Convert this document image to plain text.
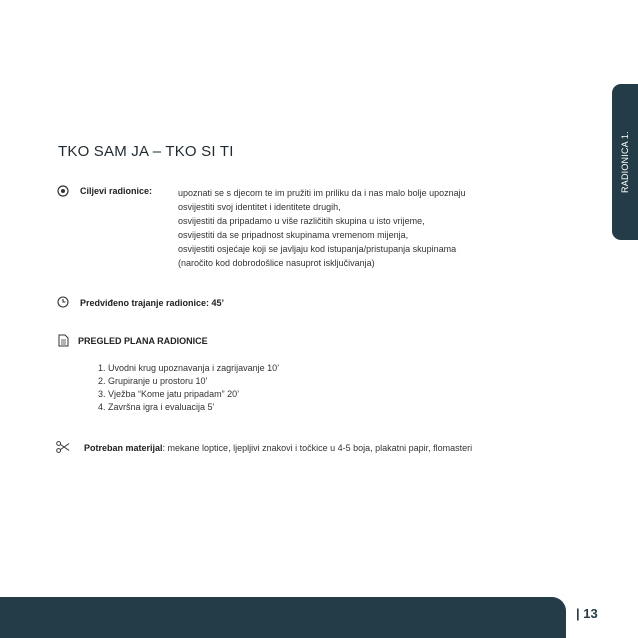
RADIONICA 1.
TKO SAM JA – TKO SI TI
Ciljevi radionice:	upoznati se s djecom te im pružiti im priliku da i nas malo bolje upoznaju
osvijestiti svoj identitet i identitete drugih,
osvijestiti da pripadamo u više različitih skupina u isto vrijeme,
osvijestiti da se pripadnost skupinama vremenom mijenja,
osvijestiti osjećaje koji se javljaju kod istupanja/pristupanja skupinama
(naročito kod dobrodošlice nasuprot isključivanja)
Predviđeno trajanje radionice: 45’
PREGLED PLANA RADIONICE
1. Uvodni krug upoznavanja i zagrijavanje 10’
2. Grupiranje u prostoru 10’
3. Vježba “Kome jatu pripadam” 20’
4. Završna igra i evaluacija 5’
Potreban materijal: mekane loptice, ljepljivi znakovi i točkice u 4-5 boja, plakatni papir, flomasteri
| 13
